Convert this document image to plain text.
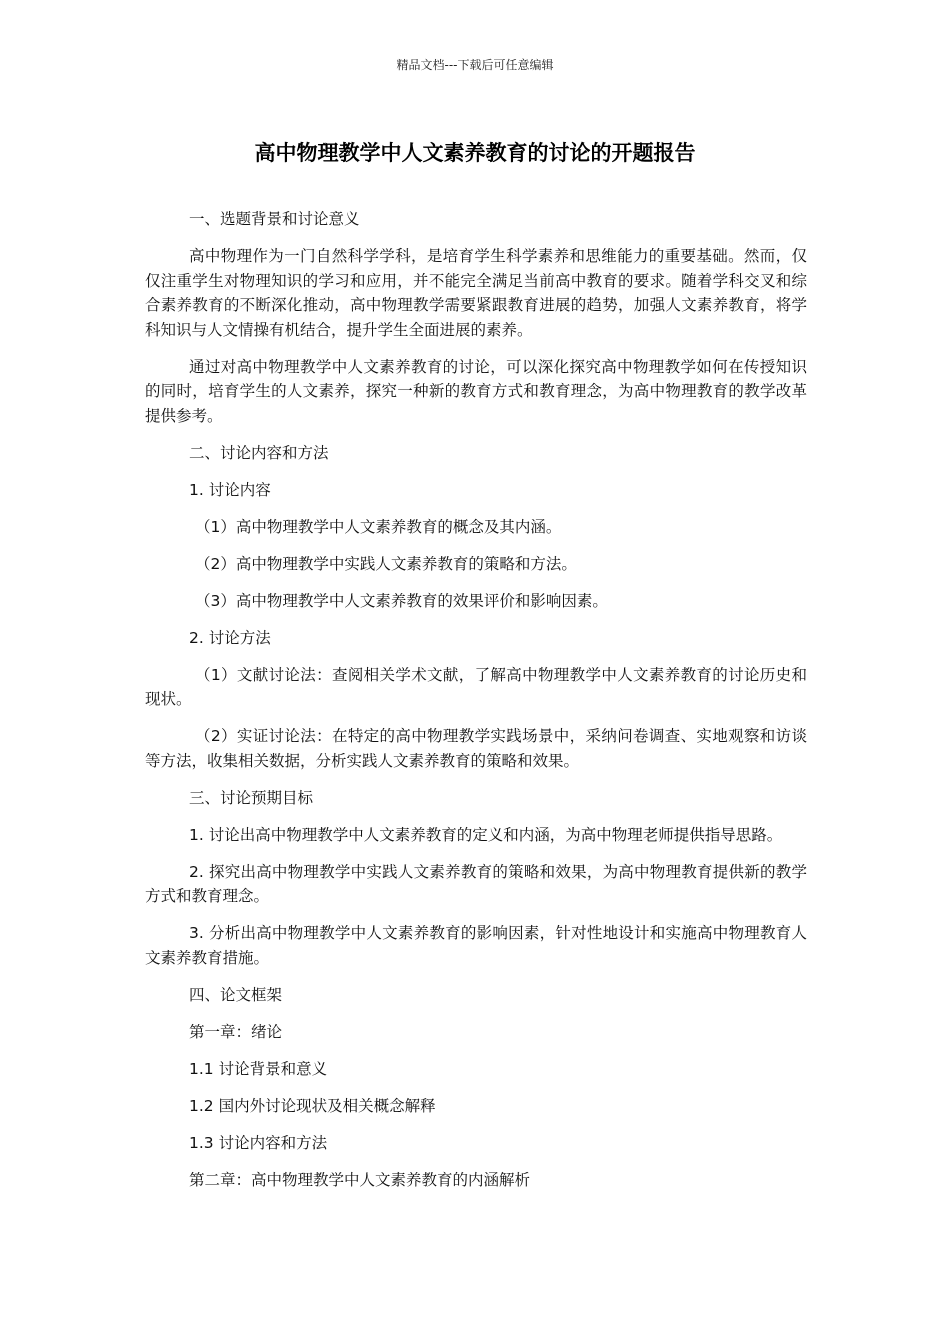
精品文档---下载后可任意编辑
高中物理教学中人文素养教育的讨论的开题报告

一、选题背景和讨论意义

高中物理作为一门自然科学学科，是培育学生科学素养和思维能力的重要基础。然而，仅仅注重学生对物理知识的学习和应用，并不能完全满足当前高中教育的要求。随着学科交叉和综合素养教育的不断深化推动，高中物理教学需要紧跟教育进展的趋势，加强人文素养教育，将学科知识与人文情操有机结合，提升学生全面进展的素养。

通过对高中物理教学中人文素养教育的讨论，可以深化探究高中物理教学如何在传授知识的同时，培育学生的人文素养，探究一种新的教育方式和教育理念，为高中物理教育的教学改革提供参考。

二、讨论内容和方法

1. 讨论内容

（1）高中物理教学中人文素养教育的概念及其内涵。

（2）高中物理教学中实践人文素养教育的策略和方法。

（3）高中物理教学中人文素养教育的效果评价和影响因素。

2. 讨论方法

（1）文献讨论法：查阅相关学术文献，了解高中物理教学中人文素养教育的讨论历史和现状。

（2）实证讨论法：在特定的高中物理教学实践场景中，采纳问卷调查、实地观察和访谈等方法，收集相关数据，分析实践人文素养教育的策略和效果。

三、讨论预期目标

1. 讨论出高中物理教学中人文素养教育的定义和内涵，为高中物理老师提供指导思路。

2. 探究出高中物理教学中实践人文素养教育的策略和效果，为高中物理教育提供新的教学方式和教育理念。

3. 分析出高中物理教学中人文素养教育的影响因素，针对性地设计和实施高中物理教育人文素养教育措施。

四、论文框架

第一章：绪论

1.1 讨论背景和意义

1.2 国内外讨论现状及相关概念解释

1.3 讨论内容和方法

第二章：高中物理教学中人文素养教育的内涵解析
